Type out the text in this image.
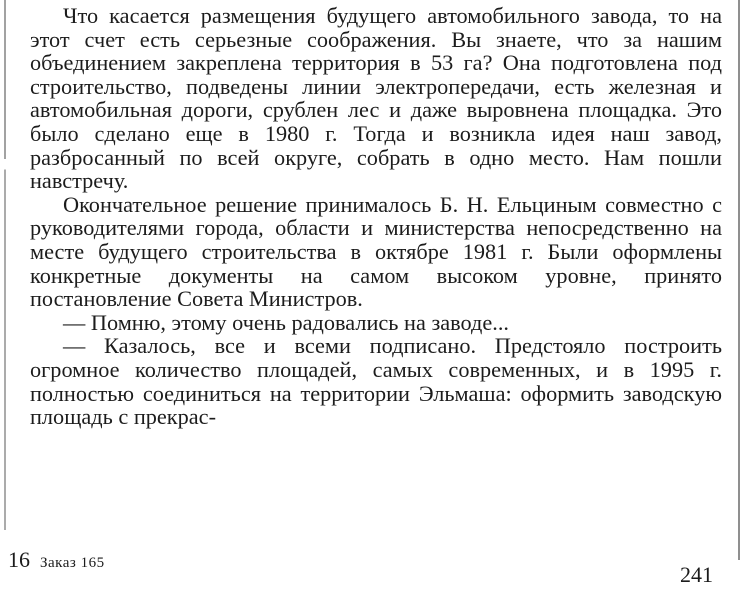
Что касается размещения будущего автомобильного завода, то на этот счет есть серьезные соображения. Вы знаете, что за нашим объединением закреплена территория в 53 га? Она подготовлена под строительство, подведены линии электропередачи, есть железная и автомобильная дороги, срублен лес и даже выровнена площадка. Это было сделано еще в 1980 г. Тогда и возникла идея наш завод, разбросанный по всей округе, собрать в одно место. Нам пошли навстречу.

Окончательное решение принималось Б. Н. Ельциным совместно с руководителями города, области и министерства непосредственно на месте будущего строительства в октябре 1981 г. Были оформлены конкретные документы на самом высоком уровне, принято постановление Совета Министров.

— Помню, этому очень радовались на заводе...

— Казалось, все и всеми подписано. Предстояло построить огромное количество площадей, самых современных, и в 1995 г. полностью соединиться на территории Эльмаша: оформить заводскую площадь с прекрас-

16 Заказ 165	241
